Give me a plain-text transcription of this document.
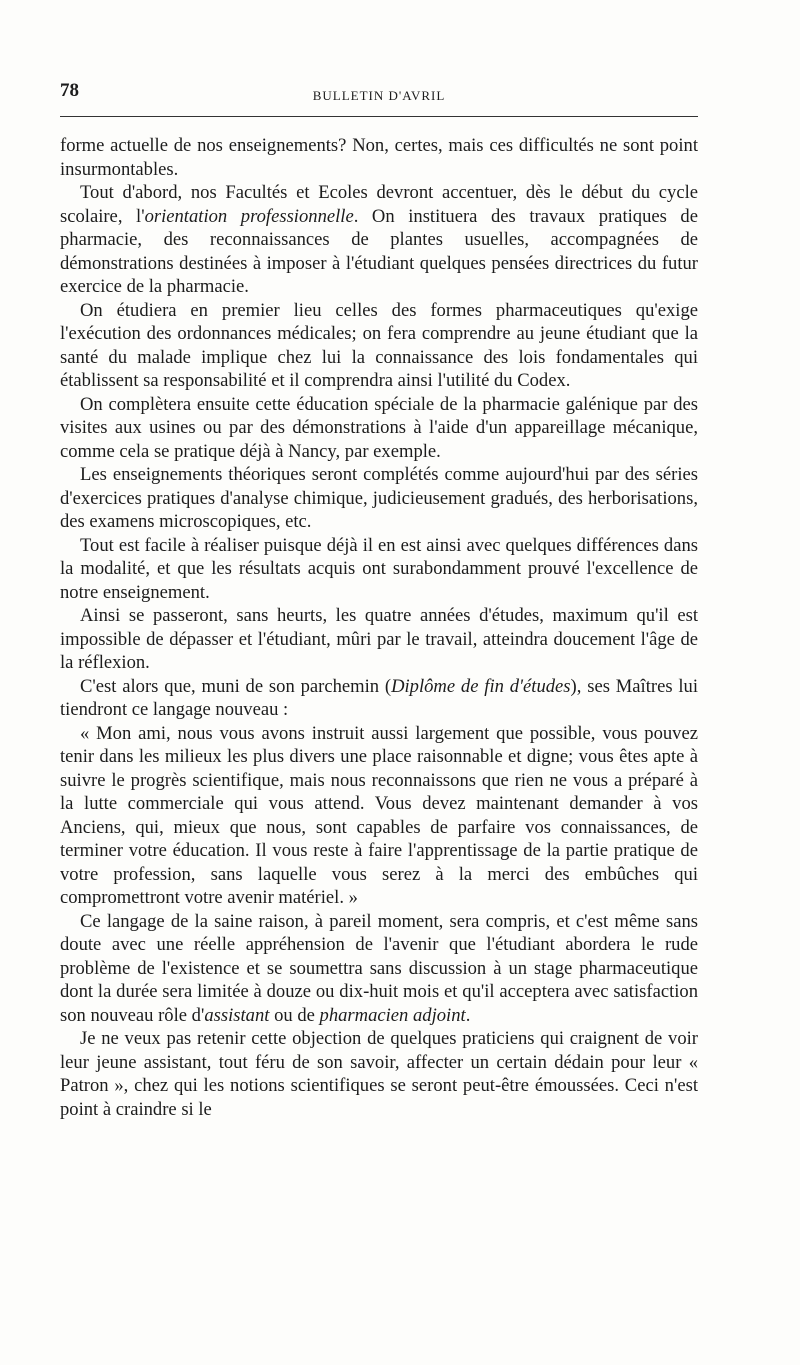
78	BULLETIN D'AVRIL

forme actuelle de nos enseignements? Non, certes, mais ces difficultés ne sont point insurmontables.

Tout d'abord, nos Facultés et Ecoles devront accentuer, dès le début du cycle scolaire, l'orientation professionnelle. On instituera des travaux pratiques de pharmacie, des reconnaissances de plantes usuelles, accompagnées de démonstrations destinées à imposer à l'étudiant quelques pensées directrices du futur exercice de la pharmacie.

On étudiera en premier lieu celles des formes pharmaceutiques qu'exige l'exécution des ordonnances médicales; on fera comprendre au jeune étudiant que la santé du malade implique chez lui la connaissance des lois fondamentales qui établissent sa responsabilité et il comprendra ainsi l'utilité du Codex.

On complètera ensuite cette éducation spéciale de la pharmacie galénique par des visites aux usines ou par des démonstrations à l'aide d'un appareillage mécanique, comme cela se pratique déjà à Nancy, par exemple.

Les enseignements théoriques seront complétés comme aujourd'hui par des séries d'exercices pratiques d'analyse chimique, judicieusement gradués, des herborisations, des examens microscopiques, etc.

Tout est facile à réaliser puisque déjà il en est ainsi avec quelques différences dans la modalité, et que les résultats acquis ont surabondamment prouvé l'excellence de notre enseignement.

Ainsi se passeront, sans heurts, les quatre années d'études, maximum qu'il est impossible de dépasser et l'étudiant, mûri par le travail, atteindra doucement l'âge de la réflexion.

C'est alors que, muni de son parchemin (Diplôme de fin d'études), ses Maîtres lui tiendront ce langage nouveau :

« Mon ami, nous vous avons instruit aussi largement que possible, vous pouvez tenir dans les milieux les plus divers une place raisonnable et digne; vous êtes apte à suivre le progrès scientifique, mais nous reconnaissons que rien ne vous a préparé à la lutte commerciale qui vous attend. Vous devez maintenant demander à vos Anciens, qui, mieux que nous, sont capables de parfaire vos connaissances, de terminer votre éducation. Il vous reste à faire l'apprentissage de la partie pratique de votre profession, sans laquelle vous serez à la merci des embûches qui compromettront votre avenir matériel. »

Ce langage de la saine raison, à pareil moment, sera compris, et c'est même sans doute avec une réelle appréhension de l'avenir que l'étudiant abordera le rude problème de l'existence et se soumettra sans discussion à un stage pharmaceutique dont la durée sera limitée à douze ou dix-huit mois et qu'il acceptera avec satisfaction son nouveau rôle d'assistant ou de pharmacien adjoint.

Je ne veux pas retenir cette objection de quelques praticiens qui craignent de voir leur jeune assistant, tout féru de son savoir, affecter un certain dédain pour leur « Patron », chez qui les notions scientifiques se seront peut-être émoussées. Ceci n'est point à craindre si le
